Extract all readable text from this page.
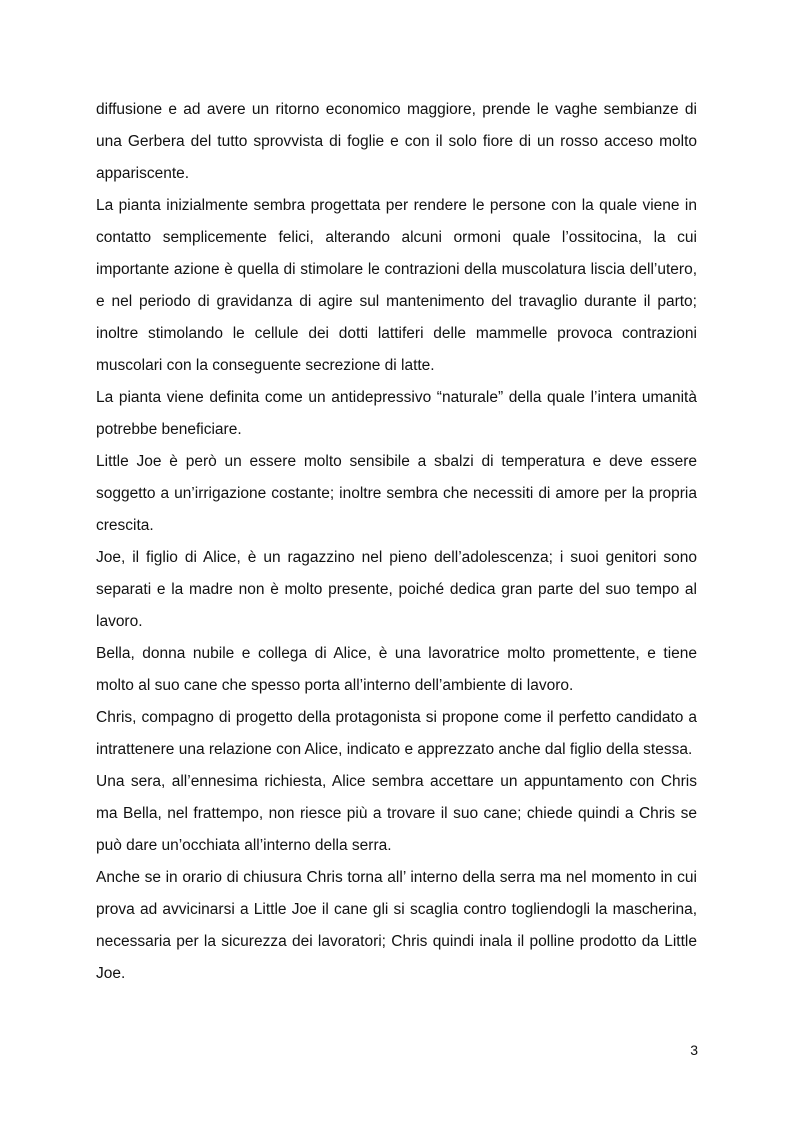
diffusione e ad avere un ritorno economico maggiore, prende le vaghe sembianze di una Gerbera del tutto sprovvista di foglie e con il solo fiore di un rosso acceso molto appariscente.

La pianta inizialmente sembra progettata per rendere le persone con la quale viene in contatto semplicemente felici, alterando alcuni ormoni quale l’ossitocina, la cui importante azione è quella di stimolare le contrazioni della muscolatura liscia dell’utero, e nel periodo di gravidanza di agire sul mantenimento del travaglio durante il parto; inoltre stimolando le cellule dei dotti lattiferi delle mammelle provoca contrazioni muscolari con la conseguente secrezione di latte.

La pianta viene definita come un antidepressivo “naturale” della quale l’intera umanità potrebbe beneficiare.

Little Joe è però un essere molto sensibile a sbalzi di temperatura e deve essere soggetto a un’irrigazione costante; inoltre sembra che necessiti di amore per la propria crescita.

Joe, il figlio di Alice, è un ragazzino nel pieno dell’adolescenza; i suoi genitori sono separati e la madre non è molto presente, poiché dedica gran parte del suo tempo al lavoro.

Bella, donna nubile e collega di Alice, è una lavoratrice molto promettente, e tiene molto al suo cane che spesso porta all’interno dell’ambiente di lavoro.

Chris, compagno di progetto della protagonista si propone come il perfetto candidato a intrattenere una relazione con Alice, indicato e apprezzato anche dal figlio della stessa.

Una sera, all’ennesima richiesta, Alice sembra accettare un appuntamento con Chris ma Bella, nel frattempo, non riesce più a trovare il suo cane; chiede quindi a Chris se può dare un’occhiata all’interno della serra.

Anche se in orario di chiusura Chris torna all’ interno della serra ma nel momento in cui prova ad avvicinarsi a Little Joe il cane gli si scaglia contro togliendogli la mascherina, necessaria per la sicurezza dei lavoratori; Chris quindi inala il polline prodotto da Little Joe.

3
